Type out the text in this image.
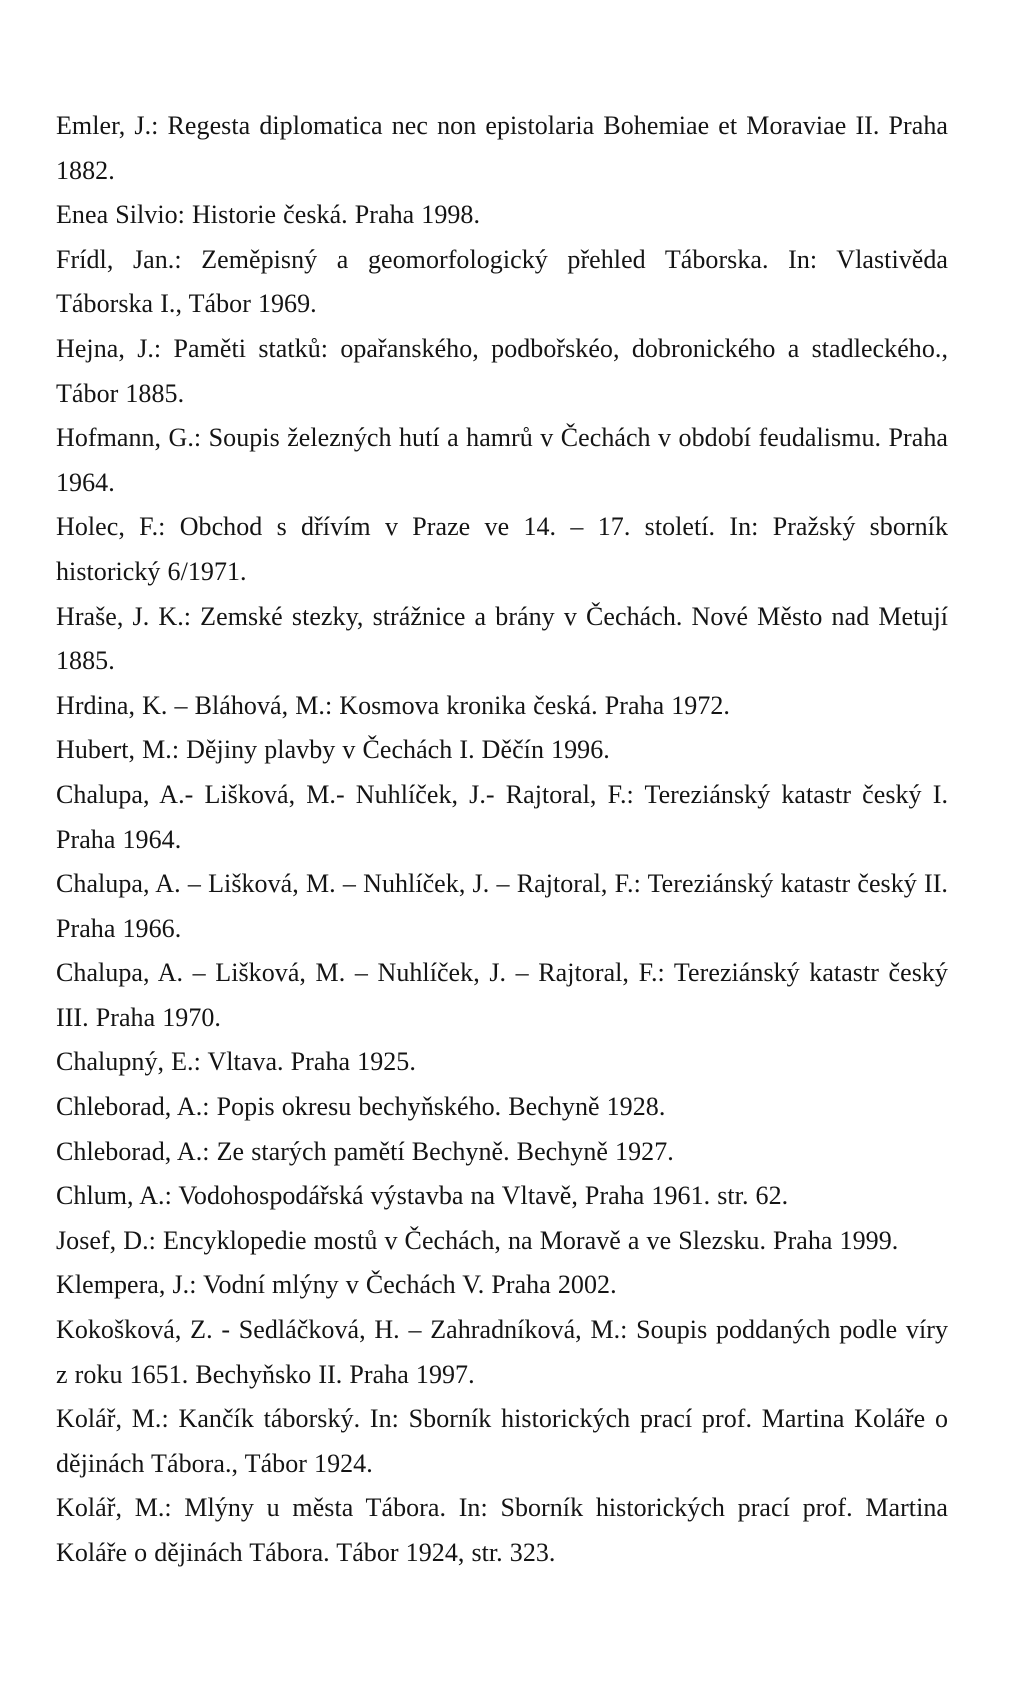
Emler, J.: Regesta diplomatica nec non epistolaria Bohemiae et Moraviae II. Praha 1882.
Enea Silvio: Historie česká. Praha 1998.
Frídl, Jan.: Zeměpisný a geomorfologický přehled Táborska. In: Vlastivěda Táborska I., Tábor 1969.
Hejna, J.: Paměti statků: opařanského, podbořskéo, dobronického a stadleckého., Tábor 1885.
Hofmann, G.: Soupis železných hutí a hamrů v Čechách v období feudalismu. Praha 1964.
Holec, F.: Obchod s dřívím v Praze ve 14. – 17. století. In: Pražský sborník historický 6/1971.
Hraše, J. K.: Zemské stezky, strážnice a brány v Čechách. Nové Město nad Metují 1885.
Hrdina, K. – Bláhová, M.: Kosmova kronika česká. Praha 1972.
Hubert, M.: Dějiny plavby v Čechách I. Děčín 1996.
Chalupa, A.- Lišková, M.- Nuhlíček, J.- Rajtoral, F.: Tereziánský katastr český I. Praha 1964.
Chalupa, A. – Lišková, M. – Nuhlíček, J. – Rajtoral, F.: Tereziánský katastr český II. Praha 1966.
Chalupa, A. – Lišková, M. – Nuhlíček, J. – Rajtoral, F.: Tereziánský katastr český III. Praha 1970.
Chalupný, E.: Vltava. Praha 1925.
Chleborad, A.: Popis okresu bechyňského. Bechyně 1928.
Chleborad, A.: Ze starých pamětí Bechyně. Bechyně 1927.
Chlum, A.: Vodohospodářská výstavba na Vltavě, Praha 1961. str. 62.
Josef, D.: Encyklopedie mostů v Čechách, na Moravě a ve Slezsku. Praha 1999.
Klempera, J.: Vodní mlýny v Čechách V. Praha 2002.
Kokošková, Z. - Sedláčková, H. – Zahradníková, M.: Soupis poddaných podle víry z roku 1651. Bechyňsko II. Praha 1997.
Kolář, M.: Kančík táborský. In: Sborník historických prací prof. Martina Koláře o dějinách Tábora., Tábor 1924.
Kolář, M.: Mlýny u města Tábora. In: Sborník historických prací prof. Martina Koláře o dějinách Tábora. Tábor 1924, str. 323.
